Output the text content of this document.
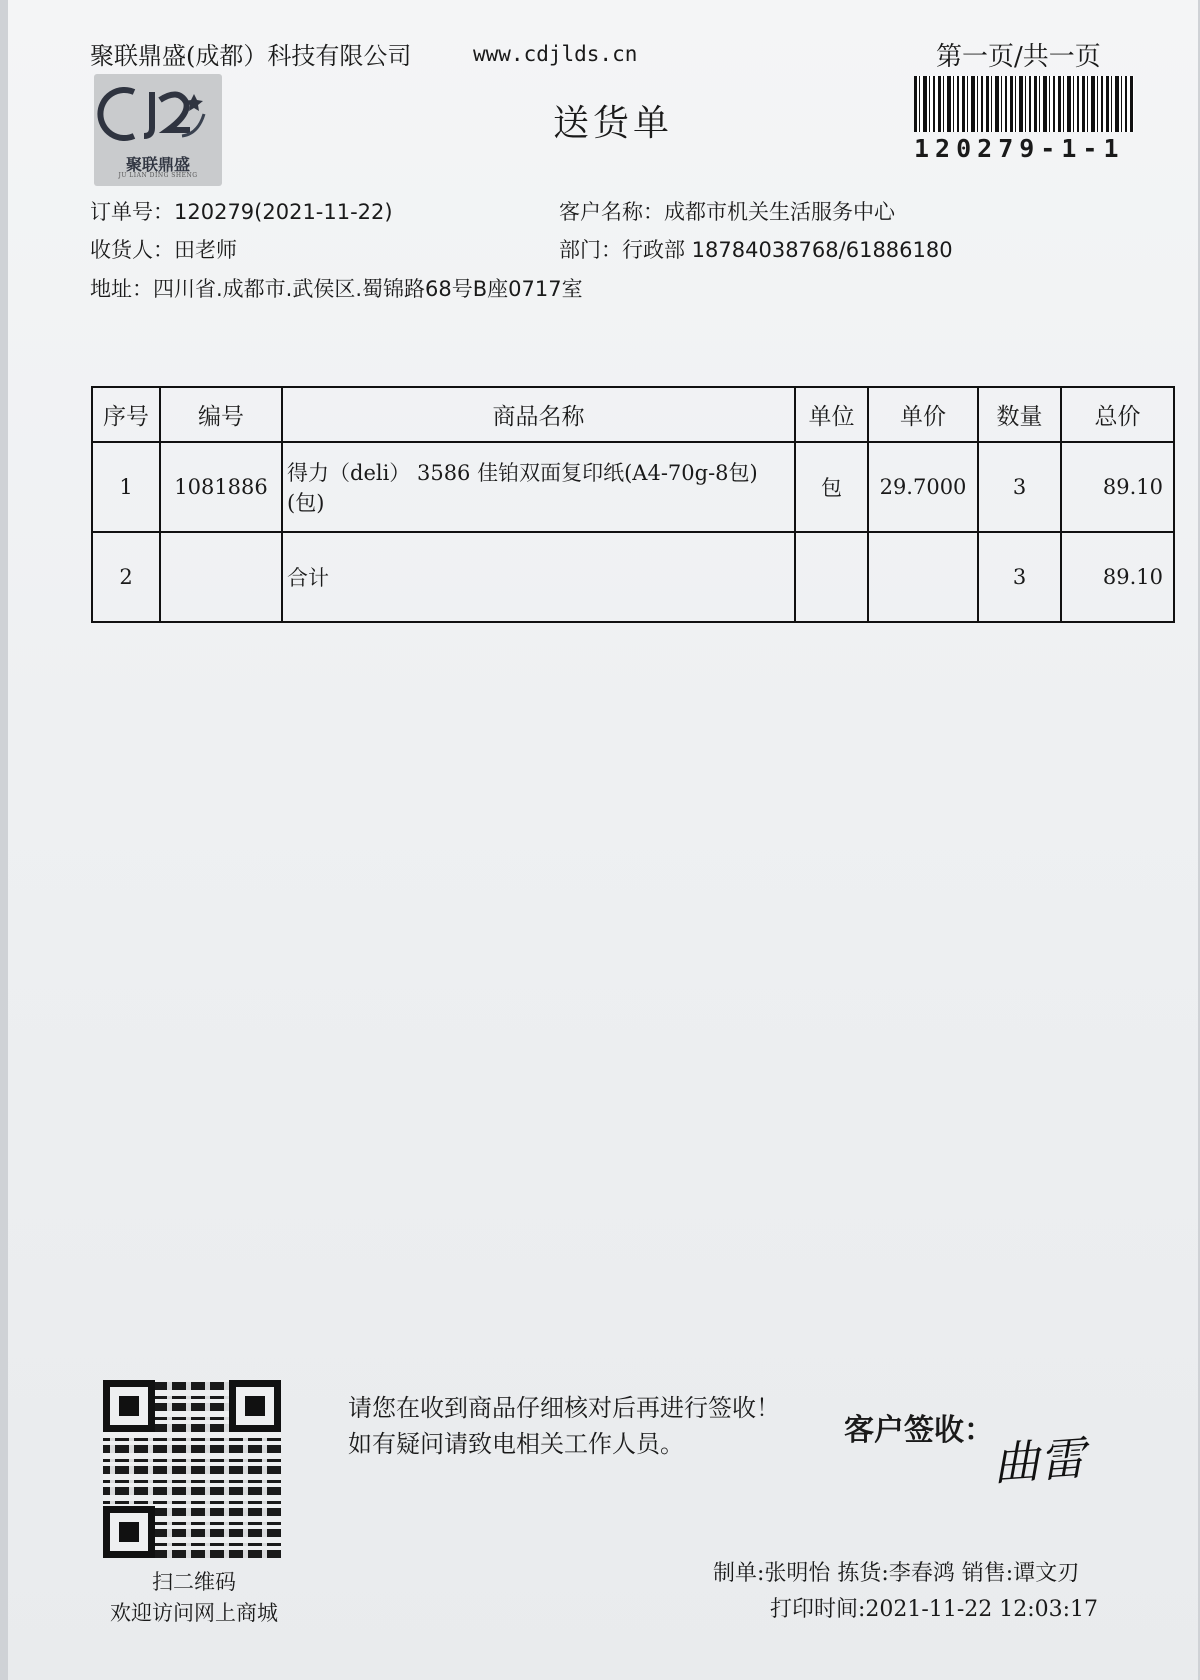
聚联鼎盛(成都）科技有限公司	www.cdjlds.cn	第一页/共一页
聚联鼎盛
JU LIAN DING SHENG
送货单
120279-1-1
订单号：120279(2021-11-22)	客户名称：成都市机关生活服务中心
收货人：田老师	部门：行政部 18784038768/61886180
地址：四川省.成都市.武侯区.蜀锦路68号B座0717室
序号	编号	商品名称	单位	单价	数量	总价
1	1081886	得力（deli） 3586 佳铂双面复印纸(A4-70g-8包)(包)	包	29.7000	3	89.10
2		合计			3	89.10
扫二维码
欢迎访问网上商城
请您在收到商品仔细核对后再进行签收！如有疑问请致电相关工作人员。	客户签收：
曲雷
制单:张明怡 拣货:李春鸿 销售:谭文刃
打印时间:2021-11-22 12:03:17
